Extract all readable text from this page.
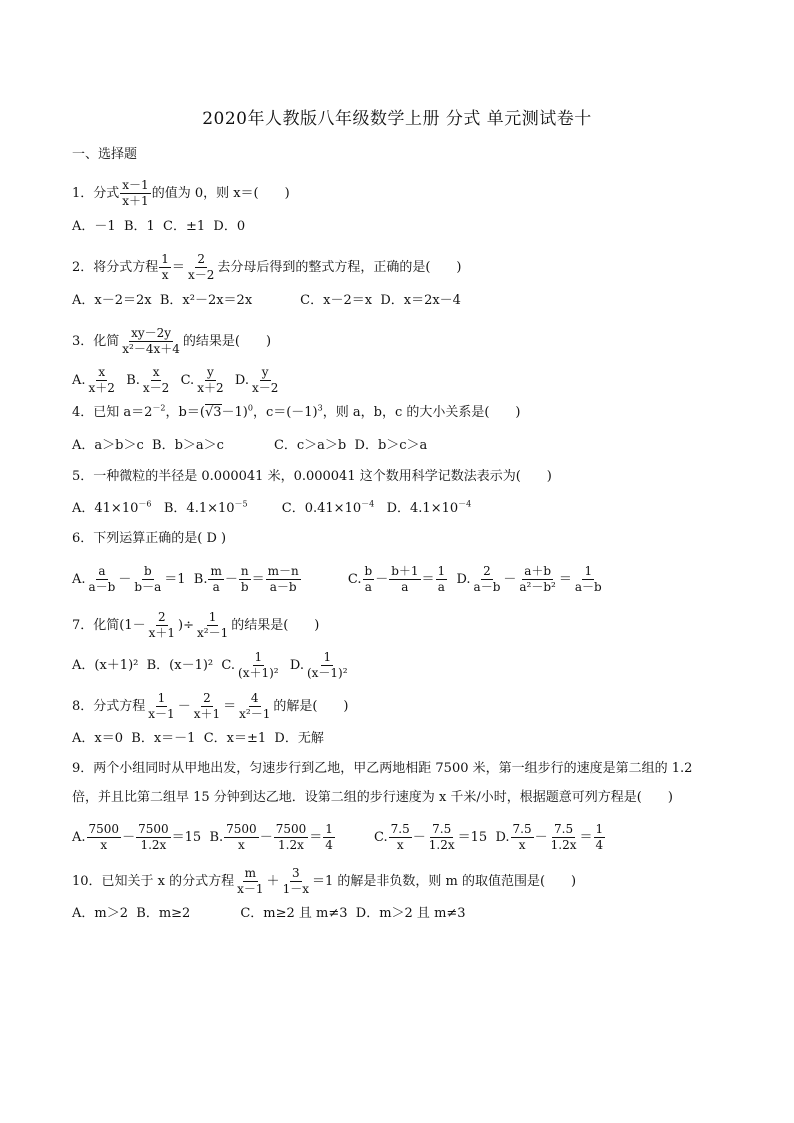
2020年人教版八年级数学上册 分式 单元测试卷十
一、选择题
1．分式 $\frac{x-1}{x+1}$ 的值为 0，则 x＝(　　)
A．－1 B．1 C．±1 D．0
2．将分式方程 $\frac{1}{x} = \frac{2}{x-2}$ 去分母后得到的整式方程，正确的是(　　)
A．x－2＝2x B．x²－2x＝2x	C．x－2＝x D．x＝2x－4
3．化简 $\frac{xy-2y}{\text{x²－4x＋4}}$ 的结果是(　　)
A. $\frac{x}{x+2} B$. $\frac{x}{x-2} C$. $\frac{y}{x+2} D$. $\frac{y}{x-2}$
4．已知 $a=2^{-2}$，$b=(√3-1)^0$，$c=(-1)^3$，则 a，b，c 的大小关系是(　　)
A．a＞b＞c B．b＞a＞c	C．c＞a＞b D．b＞c＞a
5．一种微粒的半径是 0.000041 米，0.000041 这个数用科学记数法表示为(　　)
A．$41\times 10^{-6}$ B．$4.1\times 10^{-5}$	C．$0.41\times 10^{-4}$ D．$4.1\times 10^{-4}$
6．下列运算正确的是( D )
A. $\frac{a}{a-b} - \frac{b}{b-a} =1$ B. $\frac{m}{a} - \frac{n}{b} = \frac{m-n}{a-b}$	C. $\frac{b}{a} - \frac{b+1}{a} = \frac{1}{a} D$. $\frac{2}{a-b} - \frac{a+b}{\text{a²－b²}} = \frac{1}{a-b}$
7．化简($1- \frac{2}{x+1}$ )÷ $\frac{1}{\text{x²－1}}$ 的结果是(　　)
A．(x＋1)² B．(x－1)² C. $\frac{1}{\text{(x＋1)²}} D$. $\frac{1}{\text{(x－1)²}}$
8．分式方程 $\frac{1}{x-1} - \frac{2}{x+1} = \frac{4}{\text{x²－1}}$ 的解是(　　)
A．x＝0 B．x＝－1 C．x＝±1 D．无解
9．两个小组同时从甲地出发，匀速步行到乙地，甲乙两地相距 7500 米，第一组步行的速度是第二组的 1.2
倍，并且比第二组早 15 分钟到达乙地．设第二组的步行速度为 x 千米/小时，根据题意可列方程是(　　)
A. $\frac{7500}{x} - \frac{7500}{1.2x} =15$ B. $\frac{7500}{x} - \frac{7500}{1.2x} = \frac{1}{4}$	C. $\frac{7.5}{x} - \frac{7.5}{1.2x} =15$ D. $\frac{7.5}{x} - \frac{7.5}{1.2x} = \frac{1}{4}$
10．已知关于 x 的分式方程 $\frac{m}{x-1} + \frac{3}{1-x} =1$ 的解是非负数，则 m 的取值范围是(　　)
A．m＞2 B．m≥2	C．m≥2 且 m≠3 D．m＞2 且 m≠3
